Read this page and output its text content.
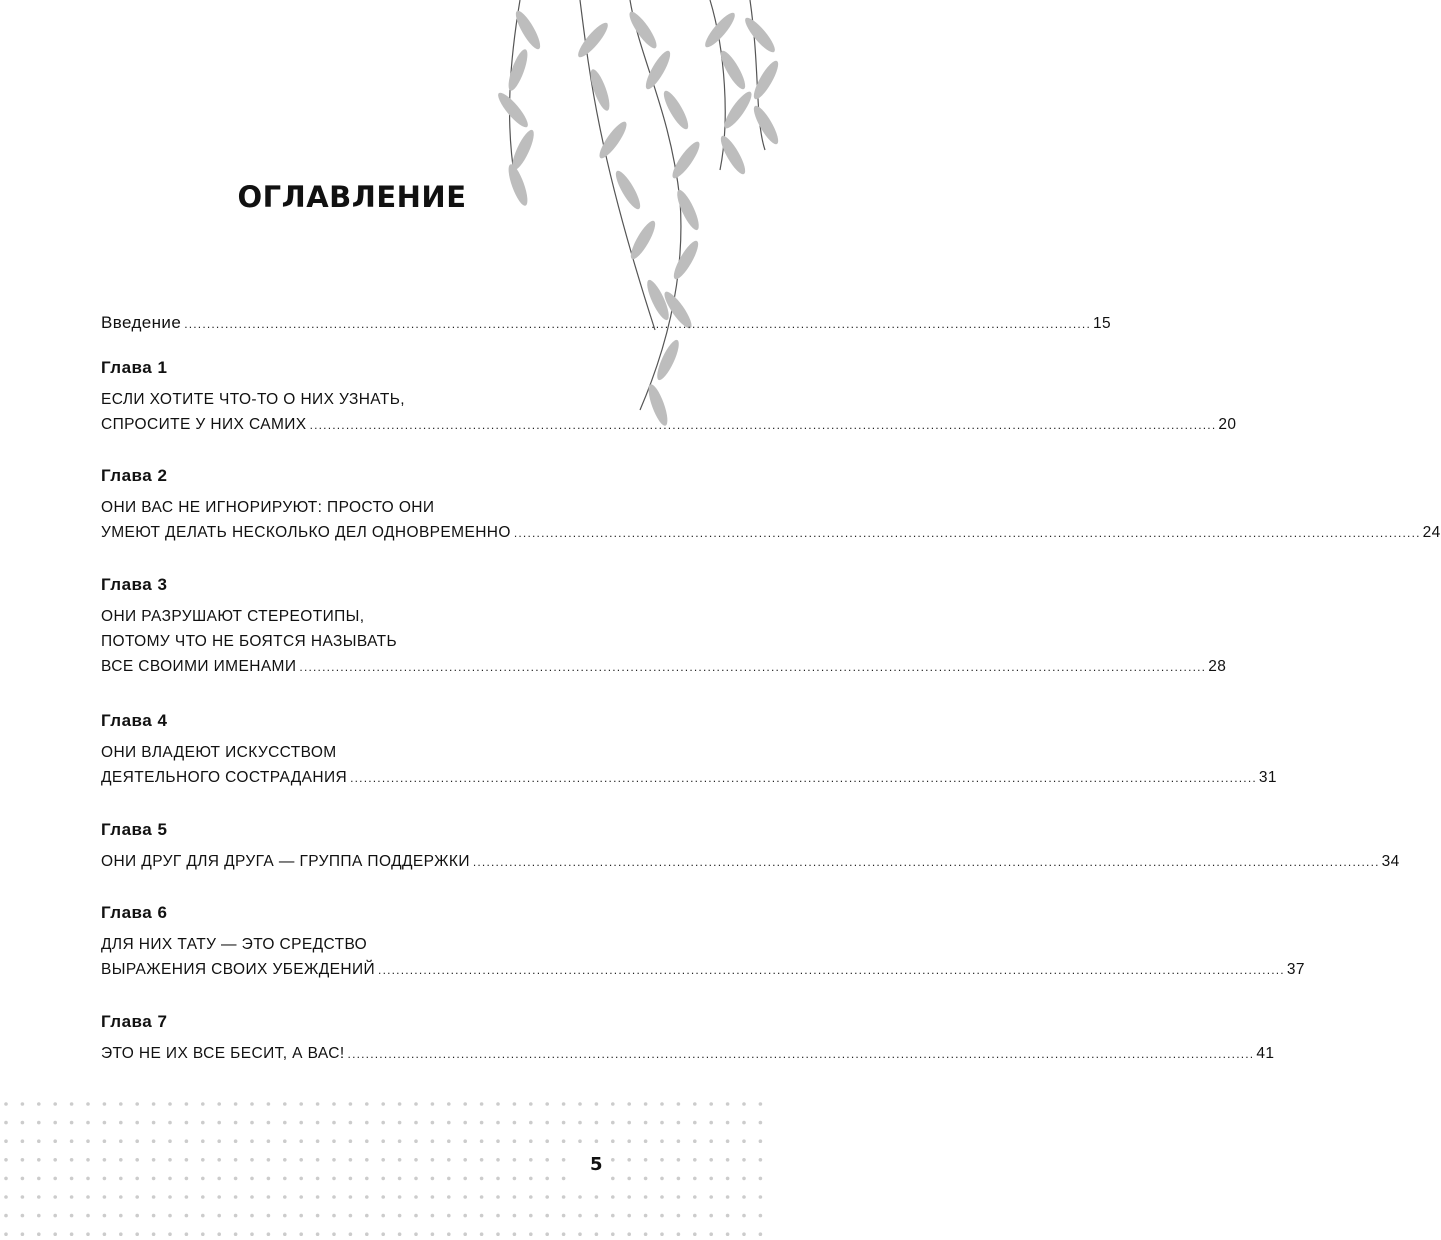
ОГЛАВЛЕНИЕ
Введение ........................................................................................................................................................................................................ 15
Глава 1
ЕСЛИ ХОТИТЕ ЧТО-ТО О НИХ УЗНАТЬ,
СПРОСИТЕ У НИХ САМИХ ........................................................................................................................................................................................................ 20
Глава 2
ОНИ ВАС НЕ ИГНОРИРУЮТ: ПРОСТО ОНИ
УМЕЮТ ДЕЛАТЬ НЕСКОЛЬКО ДЕЛ ОДНОВРЕМЕННО ........................................................................................................................................................................................................ 24
Глава 3
ОНИ РАЗРУШАЮТ СТЕРЕОТИПЫ,
ПОТОМУ ЧТО НЕ БОЯТСЯ НАЗЫВАТЬ
ВСЕ СВОИМИ ИМЕНАМИ ........................................................................................................................................................................................................ 28
Глава 4
ОНИ ВЛАДЕЮТ ИСКУССТВОМ
ДЕЯТЕЛЬНОГО СОСТРАДАНИЯ ........................................................................................................................................................................................................ 31
Глава 5
ОНИ ДРУГ ДЛЯ ДРУГА — ГРУППА ПОДДЕРЖКИ ........................................................................................................................................................................................................ 34
Глава 6
ДЛЯ НИХ ТАТУ — ЭТО СРЕДСТВО
ВЫРАЖЕНИЯ СВОИХ УБЕЖДЕНИЙ ........................................................................................................................................................................................................ 37
Глава 7
ЭТО НЕ ИХ ВСЕ БЕСИТ, А ВАС! ........................................................................................................................................................................................................ 41
5
